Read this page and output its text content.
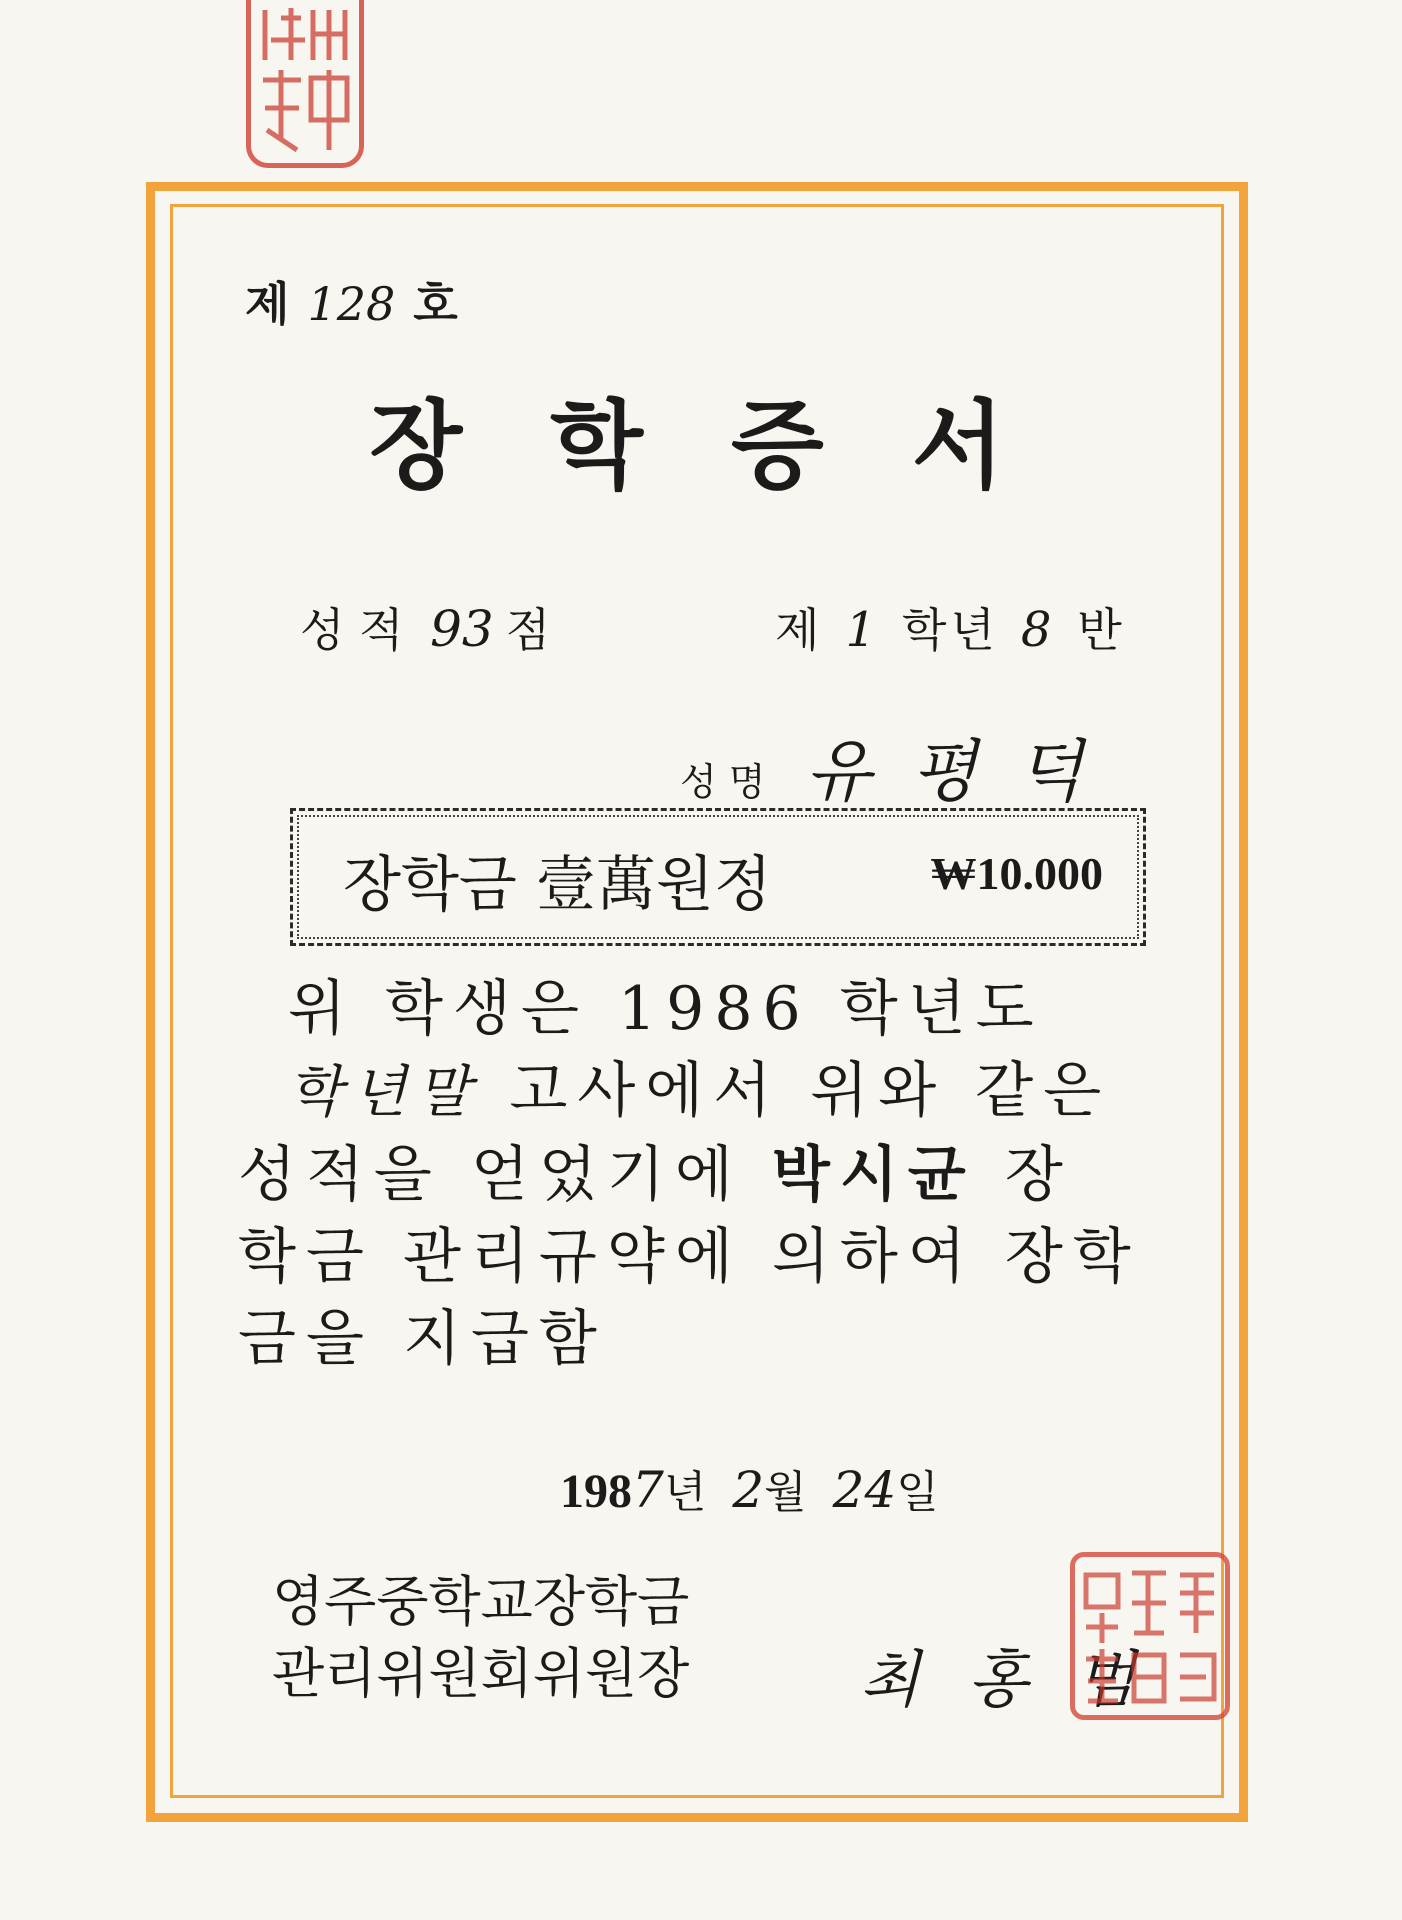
제 128 호
장학증서
성 적 93 점	제 1 학년 8 반
성 명 유평덕
장학금 壹萬원정	₩10.000
위 학생은 1986 학년도
학년말 고사에서 위와 같은
성적을 얻었기에 박시균 장
학금 관리규약에 의하여 장학
금을 지급함
1987년 2월 24일
영주중학교장학금
관리위원회위원장	최홍범
